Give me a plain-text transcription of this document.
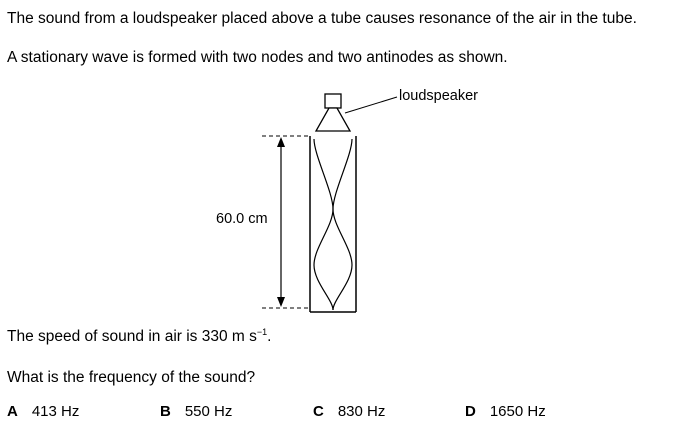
The sound from a loudspeaker placed above a tube causes resonance of the air in the tube.
A stationary wave is formed with two nodes and two antinodes as shown.
60.0 cm
loudspeaker
The speed of sound in air is 330 m $s^{-1}$.
What is the frequency of the sound?
A 413 Hz	B 550 Hz	C 830 Hz	D 1650 Hz
